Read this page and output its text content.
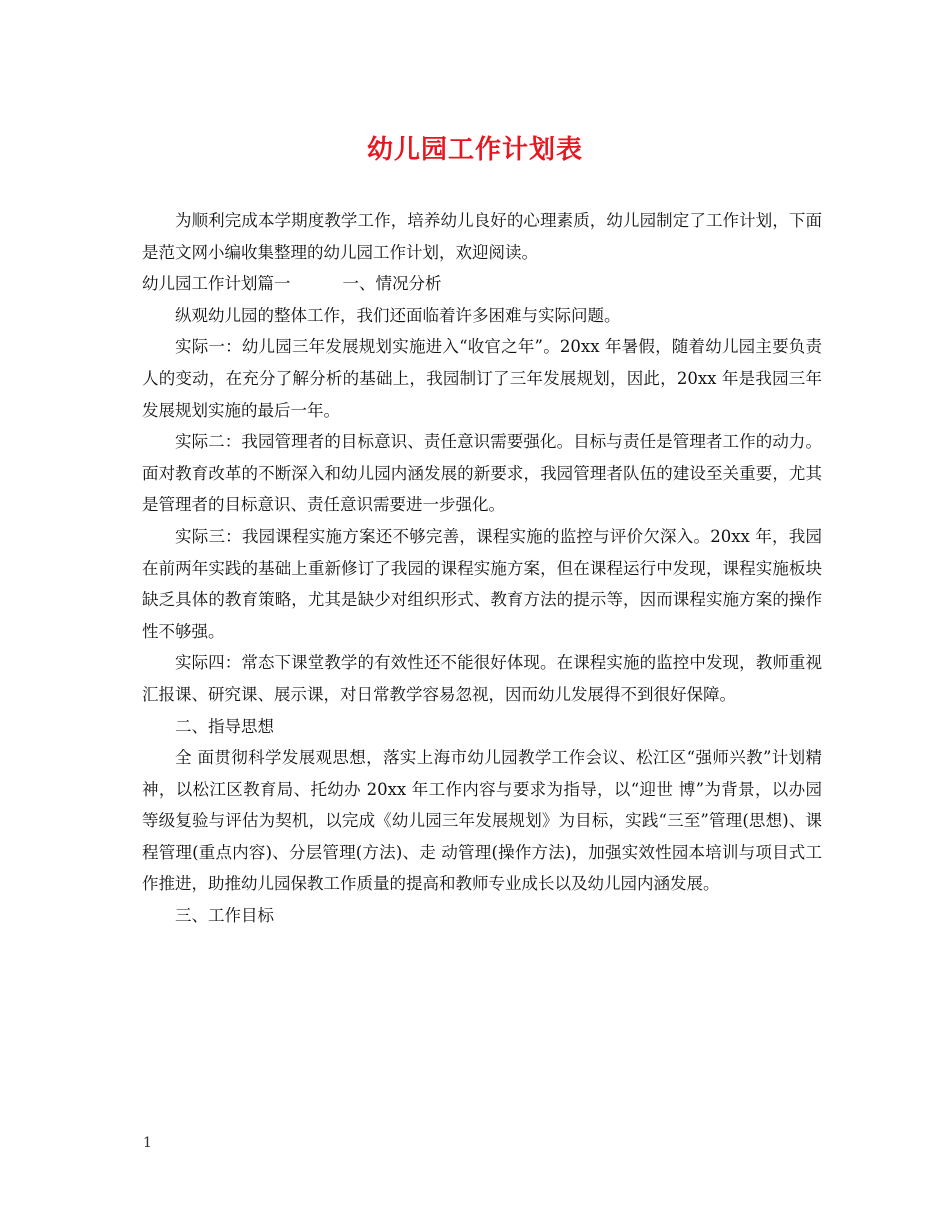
幼儿园工作计划表

为顺利完成本学期度教学工作，培养幼儿良好的心理素质，幼儿园制定了工作计划，下面是范文网小编收集整理的幼儿园工作计划，欢迎阅读。

幼儿园工作计划篇一	一、情况分析

纵观幼儿园的整体工作，我们还面临着许多困难与实际问题。

实际一：幼儿园三年发展规划实施进入“收官之年”。20xx 年暑假，随着幼儿园主要负责人的变动，在充分了解分析的基础上，我园制订了三年发展规划，因此，20xx 年是我园三年发展规划实施的最后一年。

实际二：我园管理者的目标意识、责任意识需要强化。目标与责任是管理者工作的动力。面对教育改革的不断深入和幼儿园内涵发展的新要求，我园管理者队伍的建设至关重要，尤其是管理者的目标意识、责任意识需要进一步强化。

实际三：我园课程实施方案还不够完善，课程实施的监控与评价欠深入。20xx 年，我园在前两年实践的基础上重新修订了我园的课程实施方案，但在课程运行中发现，课程实施板块缺乏具体的教育策略，尤其是缺少对组织形式、教育方法的提示等，因而课程实施方案的操作性不够强。

实际四：常态下课堂教学的有效性还不能很好体现。在课程实施的监控中发现，教师重视汇报课、研究课、展示课，对日常教学容易忽视，因而幼儿发展得不到很好保障。

二、指导思想

全 面贯彻科学发展观思想，落实上海市幼儿园教学工作会议、松江区“强师兴教”计划精神，以松江区教育局、托幼办 20xx 年工作内容与要求为指导，以“迎世 博”为背景，以办园等级复验与评估为契机，以完成《幼儿园三年发展规划》为目标，实践“三至”管理(思想)、课程管理(重点内容)、分层管理(方法)、走 动管理(操作方法)，加强实效性园本培训与项目式工作推进，助推幼儿园保教工作质量的提高和教师专业成长以及幼儿园内涵发展。

三、工作目标

1
